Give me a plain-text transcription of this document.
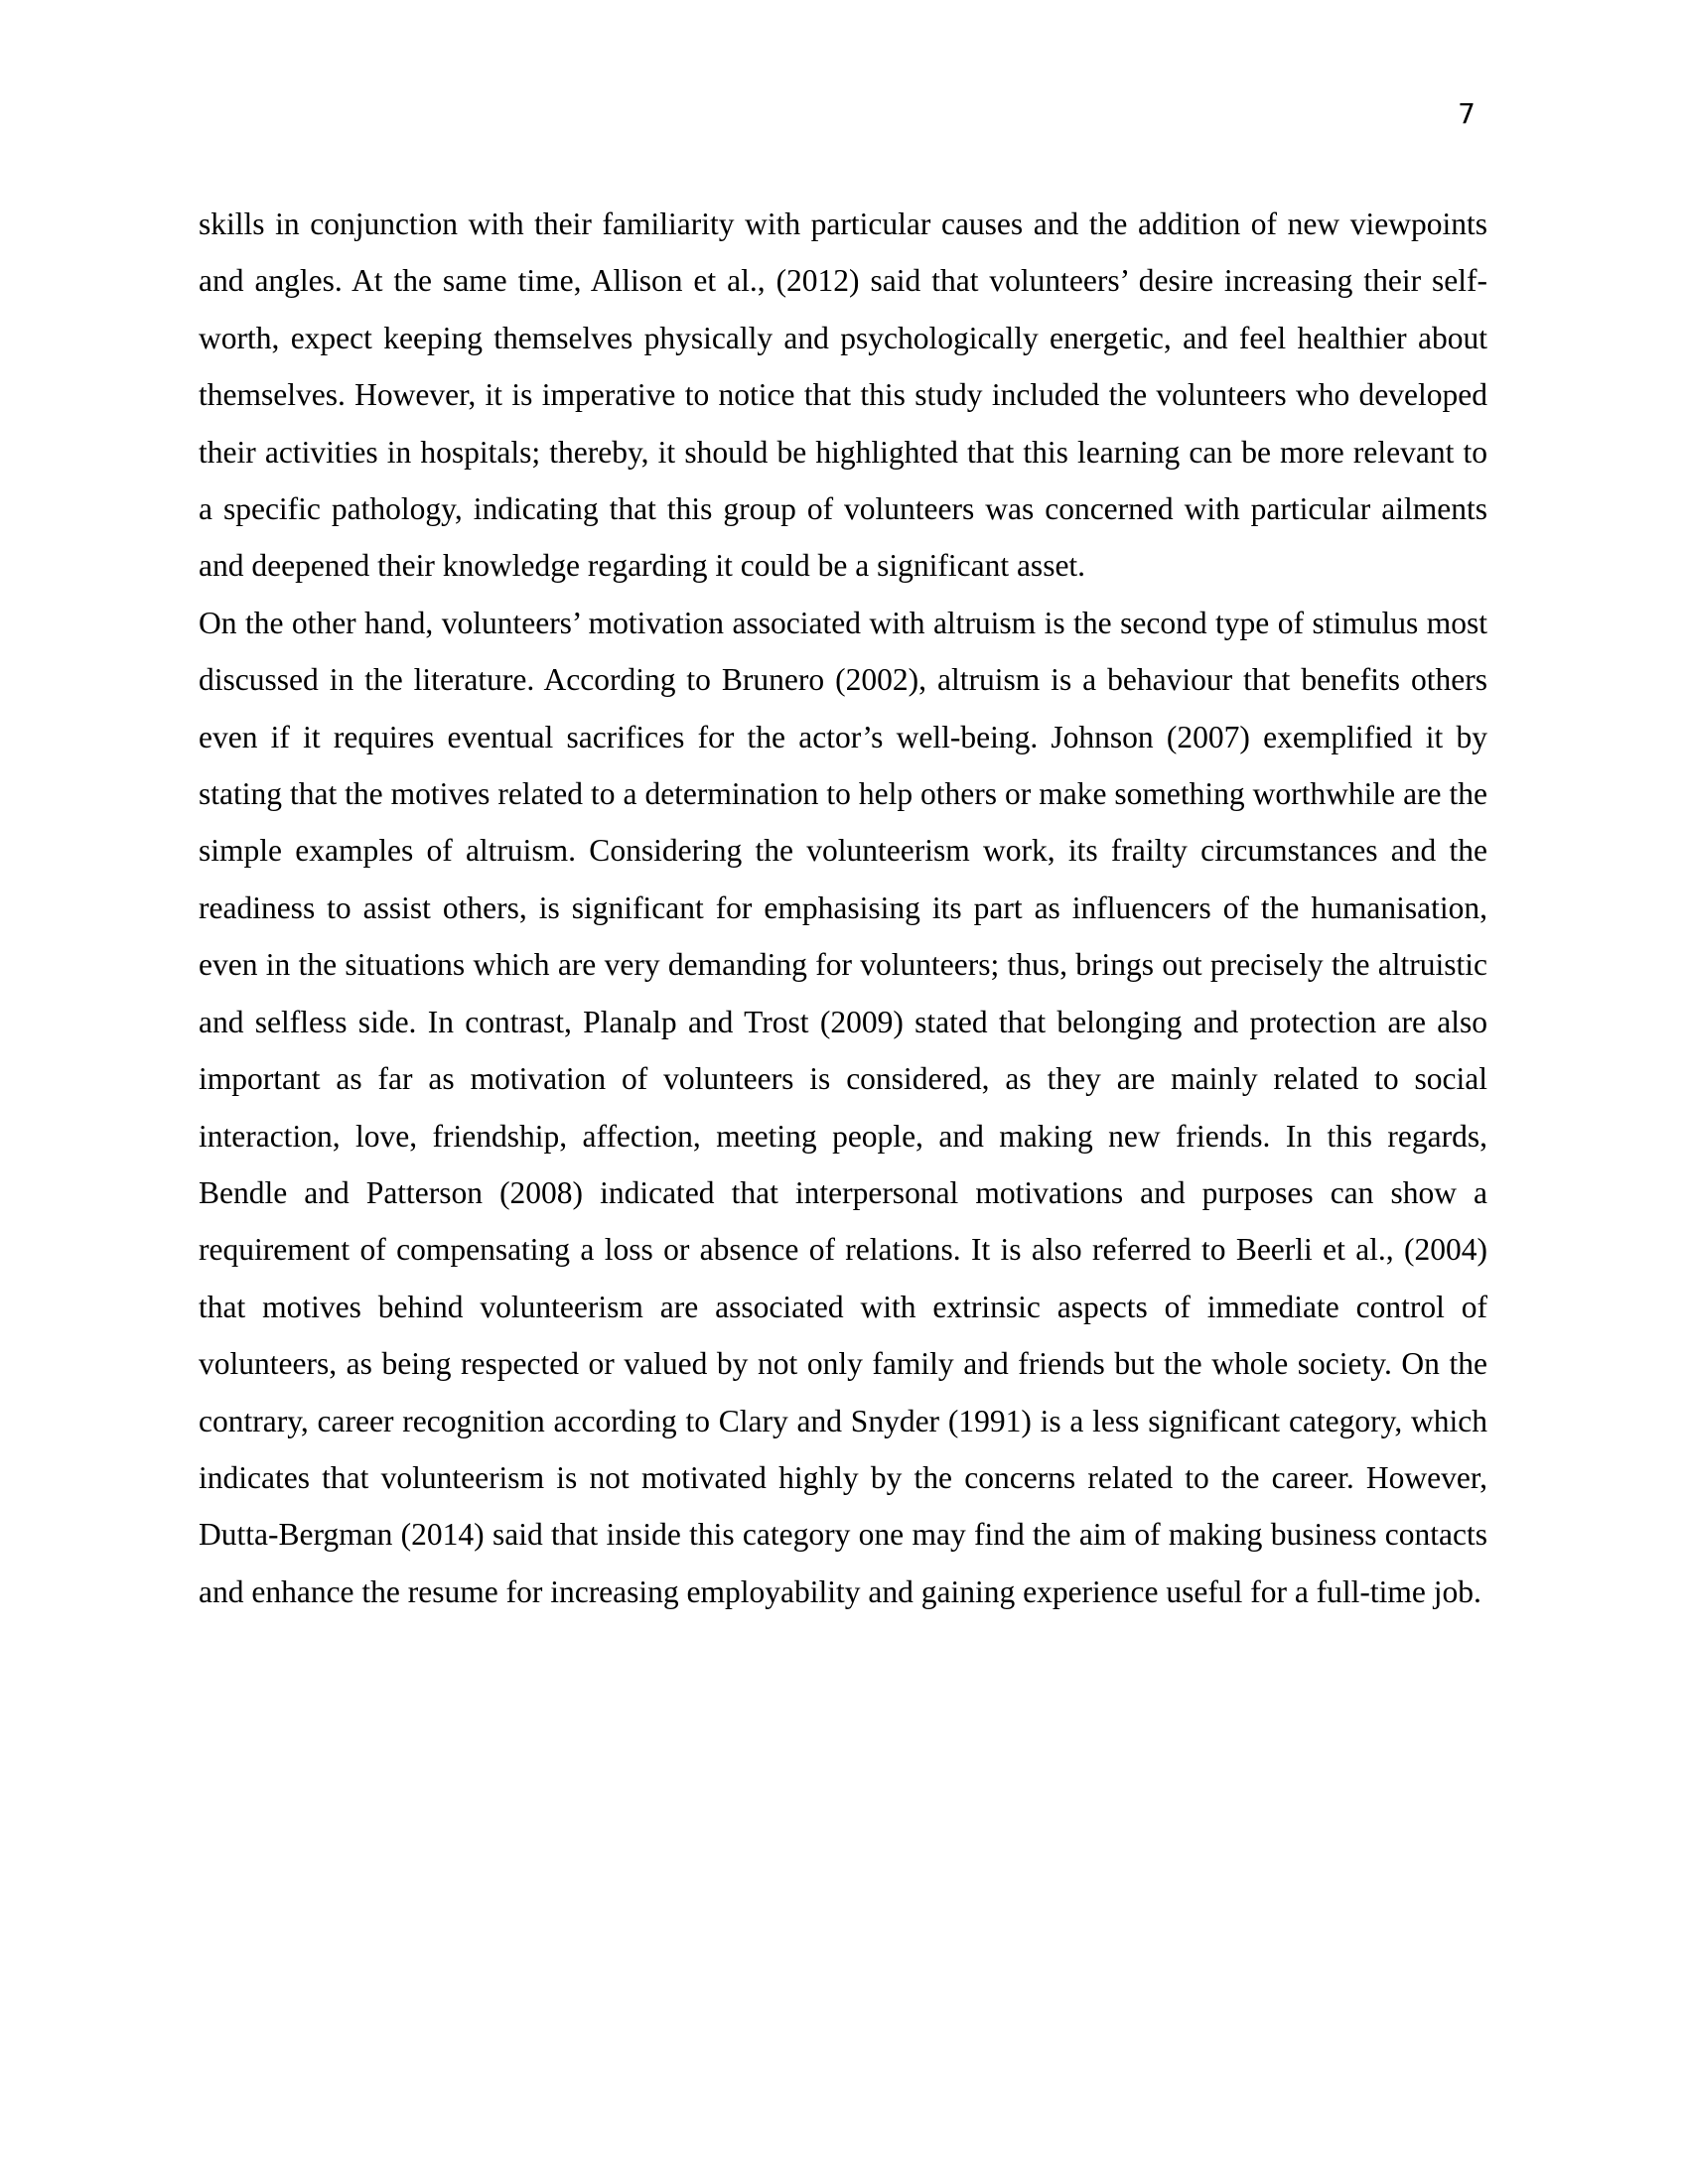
7

skills in conjunction with their familiarity with particular causes and the addition of new viewpoints and angles. At the same time, Allison et al., (2012) said that volunteers’ desire increasing their self-worth, expect keeping themselves physically and psychologically energetic, and feel healthier about themselves. However, it is imperative to notice that this study included the volunteers who developed their activities in hospitals; thereby, it should be highlighted that this learning can be more relevant to a specific pathology, indicating that this group of volunteers was concerned with particular ailments and deepened their knowledge regarding it could be a significant asset.

On the other hand, volunteers’ motivation associated with altruism is the second type of stimulus most discussed in the literature. According to Brunero (2002), altruism is a behaviour that benefits others even if it requires eventual sacrifices for the actor’s well-being. Johnson (2007) exemplified it by stating that the motives related to a determination to help others or make something worthwhile are the simple examples of altruism. Considering the volunteerism work, its frailty circumstances and the readiness to assist others, is significant for emphasising its part as influencers of the humanisation, even in the situations which are very demanding for volunteers; thus, brings out precisely the altruistic and selfless side. In contrast, Planalp and Trost (2009) stated that belonging and protection are also important as far as motivation of volunteers is considered, as they are mainly related to social interaction, love, friendship, affection, meeting people, and making new friends. In this regards, Bendle and Patterson (2008) indicated that interpersonal motivations and purposes can show a requirement of compensating a loss or absence of relations. It is also referred to Beerli et al., (2004) that motives behind volunteerism are associated with extrinsic aspects of immediate control of volunteers, as being respected or valued by not only family and friends but the whole society. On the contrary, career recognition according to Clary and Snyder (1991) is a less significant category, which indicates that volunteerism is not motivated highly by the concerns related to the career. However, Dutta-Bergman (2014) said that inside this category one may find the aim of making business contacts and enhance the resume for increasing employability and gaining experience useful for a full-time job.
